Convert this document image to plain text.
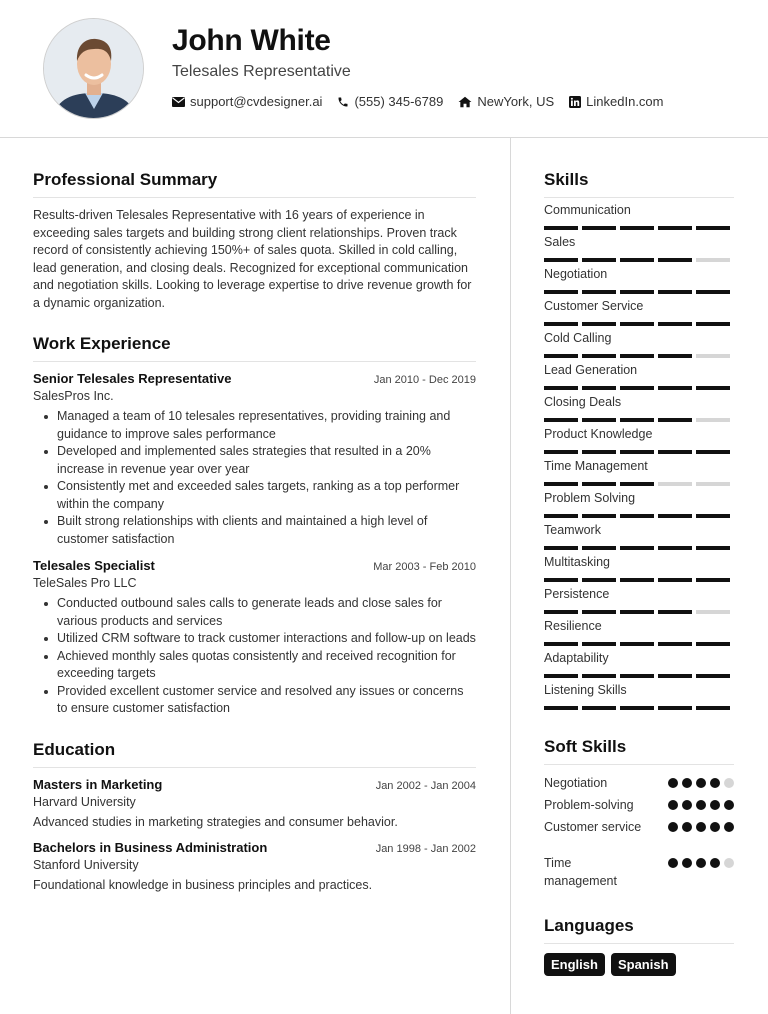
John White
Telesales Representative
support@cvdesigner.ai (555) 345-6789	NewYork, US LinkedIn.com
Professional Summary

Results-driven Telesales Representative with 16 years of experience in exceeding sales targets and building strong client relationships. Proven track record of consistently achieving 150%+ of sales quota. Skilled in cold calling, lead generation, and closing deals. Recognized for exceptional communication and negotiation skills. Looking to leverage expertise to drive revenue growth for a dynamic organization.

Work Experience
Senior Telesales Representative	Jan 2010 - Dec 2019
SalesPros Inc.
Managed a team of 10 telesales representatives, providing training and guidance to improve sales performance
Developed and implemented sales strategies that resulted in a 20% increase in revenue year over year
Consistently met and exceeded sales targets, ranking as a top performer within the company
Built strong relationships with clients and maintained a high level of customer satisfaction
Telesales Specialist	Mar 2003 - Feb 2010
TeleSales Pro LLC
Conducted outbound sales calls to generate leads and close sales for various products and services
Utilized CRM software to track customer interactions and follow-up on leads
Achieved monthly sales quotas consistently and received recognition for exceeding targets
Provided excellent customer service and resolved any issues or concerns to ensure customer satisfaction
Education
Masters in Marketing	Jan 2002 - Jan 2004
Harvard University
Advanced studies in marketing strategies and consumer behavior.
Bachelors in Business Administration	Jan 1998 - Jan 2002
Stanford University
Foundational knowledge in business principles and practices.
Skills
Communication
Sales
Negotiation
Customer Service
Cold Calling
Lead Generation
Closing Deals
Product Knowledge
Time Management
Problem Solving
Teamwork
Multitasking
Persistence
Resilience
Adaptability
Listening Skills
Soft Skills
Negotiation
Problem-solving
Customer service
Time management
Languages
English	Spanish
